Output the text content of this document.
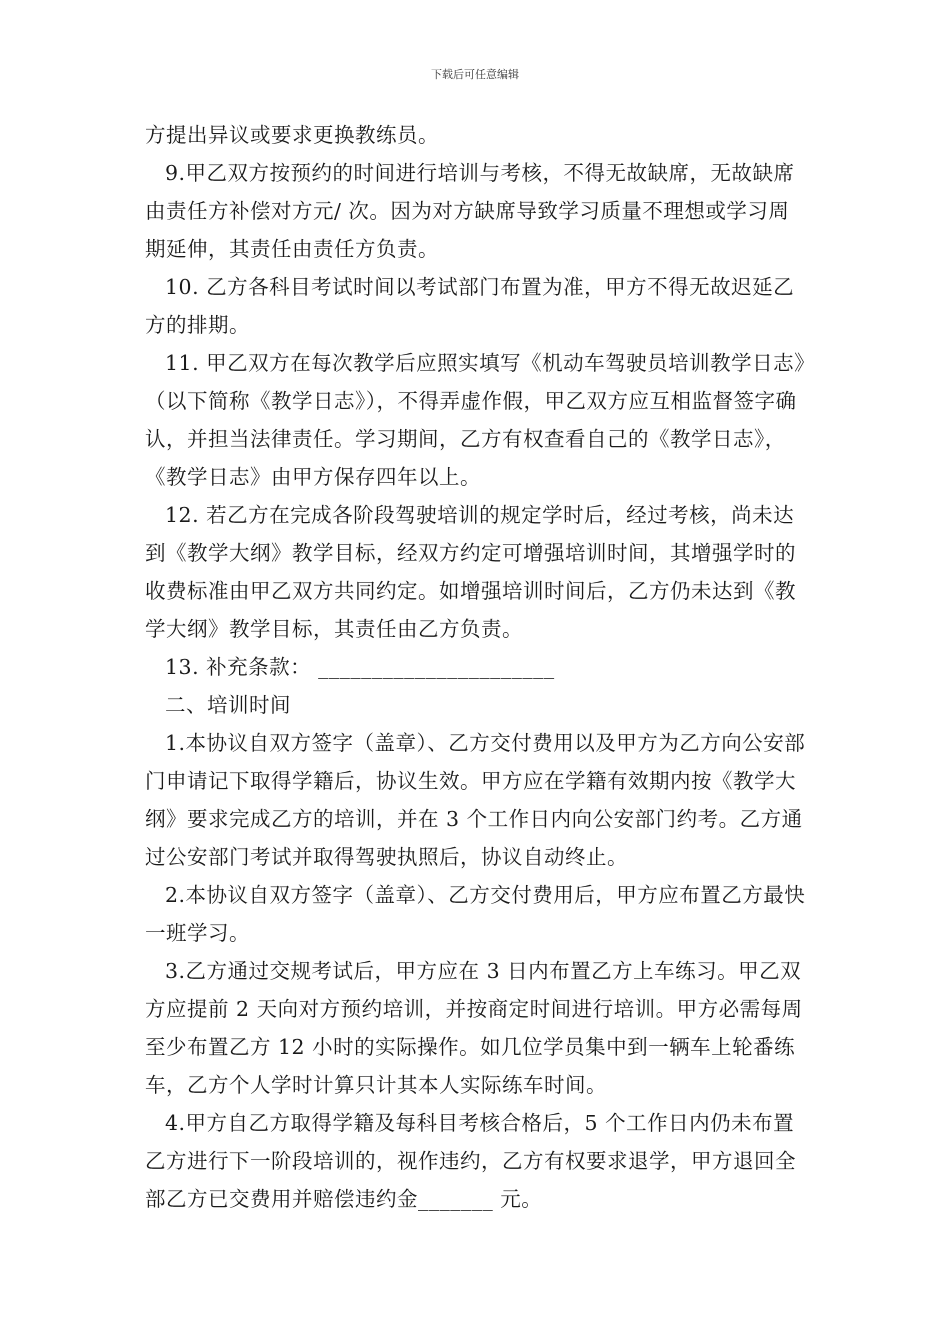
下载后可任意编辑

方提出异议或要求更换教练员。

9.甲乙双方按预约的时间进行培训与考核，不得无故缺席，无故缺席由责任方补偿对方元/ 次。因为对方缺席导致学习质量不理想或学习周期延伸，其责任由责任方负责。

10. 乙方各科目考试时间以考试部门布置为准，甲方不得无故迟延乙方的排期。

11. 甲乙双方在每次教学后应照实填写《机动车驾驶员培训教学日志》（以下简称《教学日志》），不得弄虚作假，甲乙双方应互相监督签字确认，并担当法律责任。学习期间，乙方有权查看自己的《教学日志》，《教学日志》由甲方保存四年以上。

12. 若乙方在完成各阶段驾驶培训的规定学时后，经过考核，尚未达到《教学大纲》教学目标，经双方约定可增强培训时间，其增强学时的收费标准由甲乙双方共同约定。如增强培训时间后，乙方仍未达到《教学大纲》教学目标，其责任由乙方负责。

13. 补充条款： ______________________

二、培训时间

1.本协议自双方签字（盖章）、乙方交付费用以及甲方为乙方向公安部门申请记下取得学籍后，协议生效。甲方应在学籍有效期内按《教学大纲》要求完成乙方的培训，并在 3 个工作日内向公安部门约考。乙方通过公安部门考试并取得驾驶执照后，协议自动终止。

2.本协议自双方签字（盖章）、乙方交付费用后，甲方应布置乙方最快一班学习。

3.乙方通过交规考试后，甲方应在 3 日内布置乙方上车练习。甲乙双方应提前 2 天向对方预约培训，并按商定时间进行培训。甲方必需每周至少布置乙方 12 小时的实际操作。如几位学员集中到一辆车上轮番练车，乙方个人学时计算只计其本人实际练车时间。

4.甲方自乙方取得学籍及每科目考核合格后，5 个工作日内仍未布置乙方进行下一阶段培训的，视作违约，乙方有权要求退学，甲方退回全部乙方已交费用并赔偿违约金_______ 元。
